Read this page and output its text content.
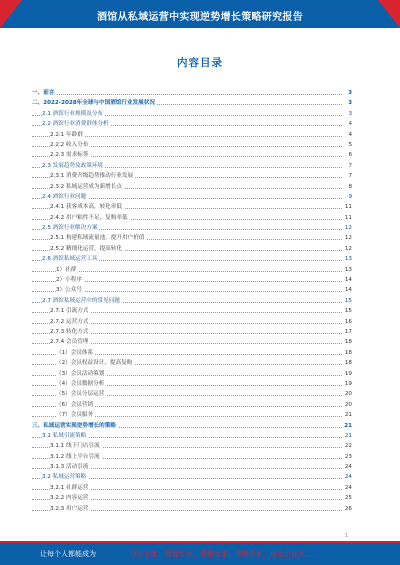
酒馆从私域运营中实现逆势增长策略研究报告
内容目录
一、前言	3
二、2022-2028年全球与中国酒馆行业发展状况	3
2.1 酒馆行业规模及分布	3
2.2 酒馆行业消费群体分析	4
2.2.1 年龄群	4
2.2.2 收入分布	5
2.2.3 需求标签	6
2.3 发展趋势及政策环境	7
2.3.1 消费升级趋势推动行业发展	7
2.3.2 私域运营成为新增长点	8
2.4 酒馆行业问题	9
2.4.1 获客成本高，转化率低	11
2.4.2 用户粘性不足，复购率低	11
2.5 酒馆行业解决方案	12
2.5.1 构建私域流量池，提升用户价值	12
2.5.2 精细化运营，提高转化	12
2.6 酒馆私域运营工具	13
1）社群	13
2）小程序	14
3）公众号	14
2.7 酒馆私域运营中的常见问题	15
2.7.1 引流方式	15
2.7.2 运营方式	16
2.7.3 转化方式	17
2.7.4 会员管理	18
（1）会员体系	18
（2）会员权益设计，提高复购	18
（3）会员活动策划	19
（4）会员数据分析	19
（5）会员分层运营	20
（6）会员营销	20
（7）会员服务	21
三、私域运营实现逆势增长的策略	21
3.1 私域引流策略	21
3.1.1 线下门店引流	22
3.1.2 线上平台引流	23
3.1.3 活动引流	24
3.2 私域运营策略	24
3.2.1 社群运营	24
3.2.2 内容运营	25
3.2.3 用户运营	26
1
让每个人都能成为	行业专家，管理专家，营销专家，战略专家，成功企业家……
